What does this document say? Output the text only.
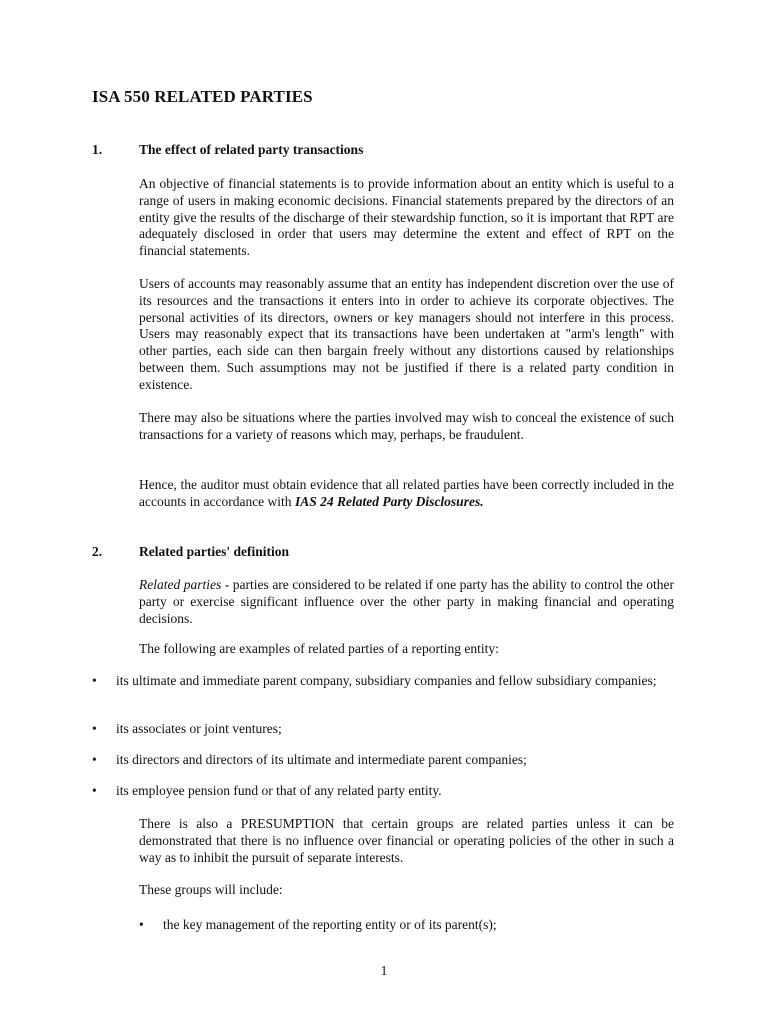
ISA 550 RELATED PARTIES
1.	The effect of related party transactions

An objective of financial statements is to provide information about an entity which is useful to a range of users in making economic decisions. Financial statements prepared by the directors of an entity give the results of the discharge of their stewardship function, so it is important that RPT are adequately disclosed in order that users may determine the extent and effect of RPT on the financial statements.

Users of accounts may reasonably assume that an entity has independent discretion over the use of its resources and the transactions it enters into in order to achieve its corporate objectives. The personal activities of its directors, owners or key managers should not interfere in this process. Users may reasonably expect that its transactions have been undertaken at "arm's length" with other parties, each side can then bargain freely without any distortions caused by relationships between them. Such assumptions may not be justified if there is a related party condition in existence.

There may also be situations where the parties involved may wish to conceal the existence of such transactions for a variety of reasons which may, perhaps, be fraudulent.

Hence, the auditor must obtain evidence that all related parties have been correctly included in the accounts in accordance with IAS 24 Related Party Disclosures.

2.	Related parties' definition

Related parties - parties are considered to be related if one party has the ability to control the other party or exercise significant influence over the other party in making financial and operating decisions.

The following are examples of related parties of a reporting entity:

• its ultimate and immediate parent company, subsidiary companies and fellow subsidiary companies;
• its associates or joint ventures;
• its directors and directors of its ultimate and intermediate parent companies;
• its employee pension fund or that of any related party entity.

There is also a PRESUMPTION that certain groups are related parties unless it can be demonstrated that there is no influence over financial or operating policies of the other in such a way as to inhibit the pursuit of separate interests.

These groups will include:

• the key management of the reporting entity or of its parent(s);

1
